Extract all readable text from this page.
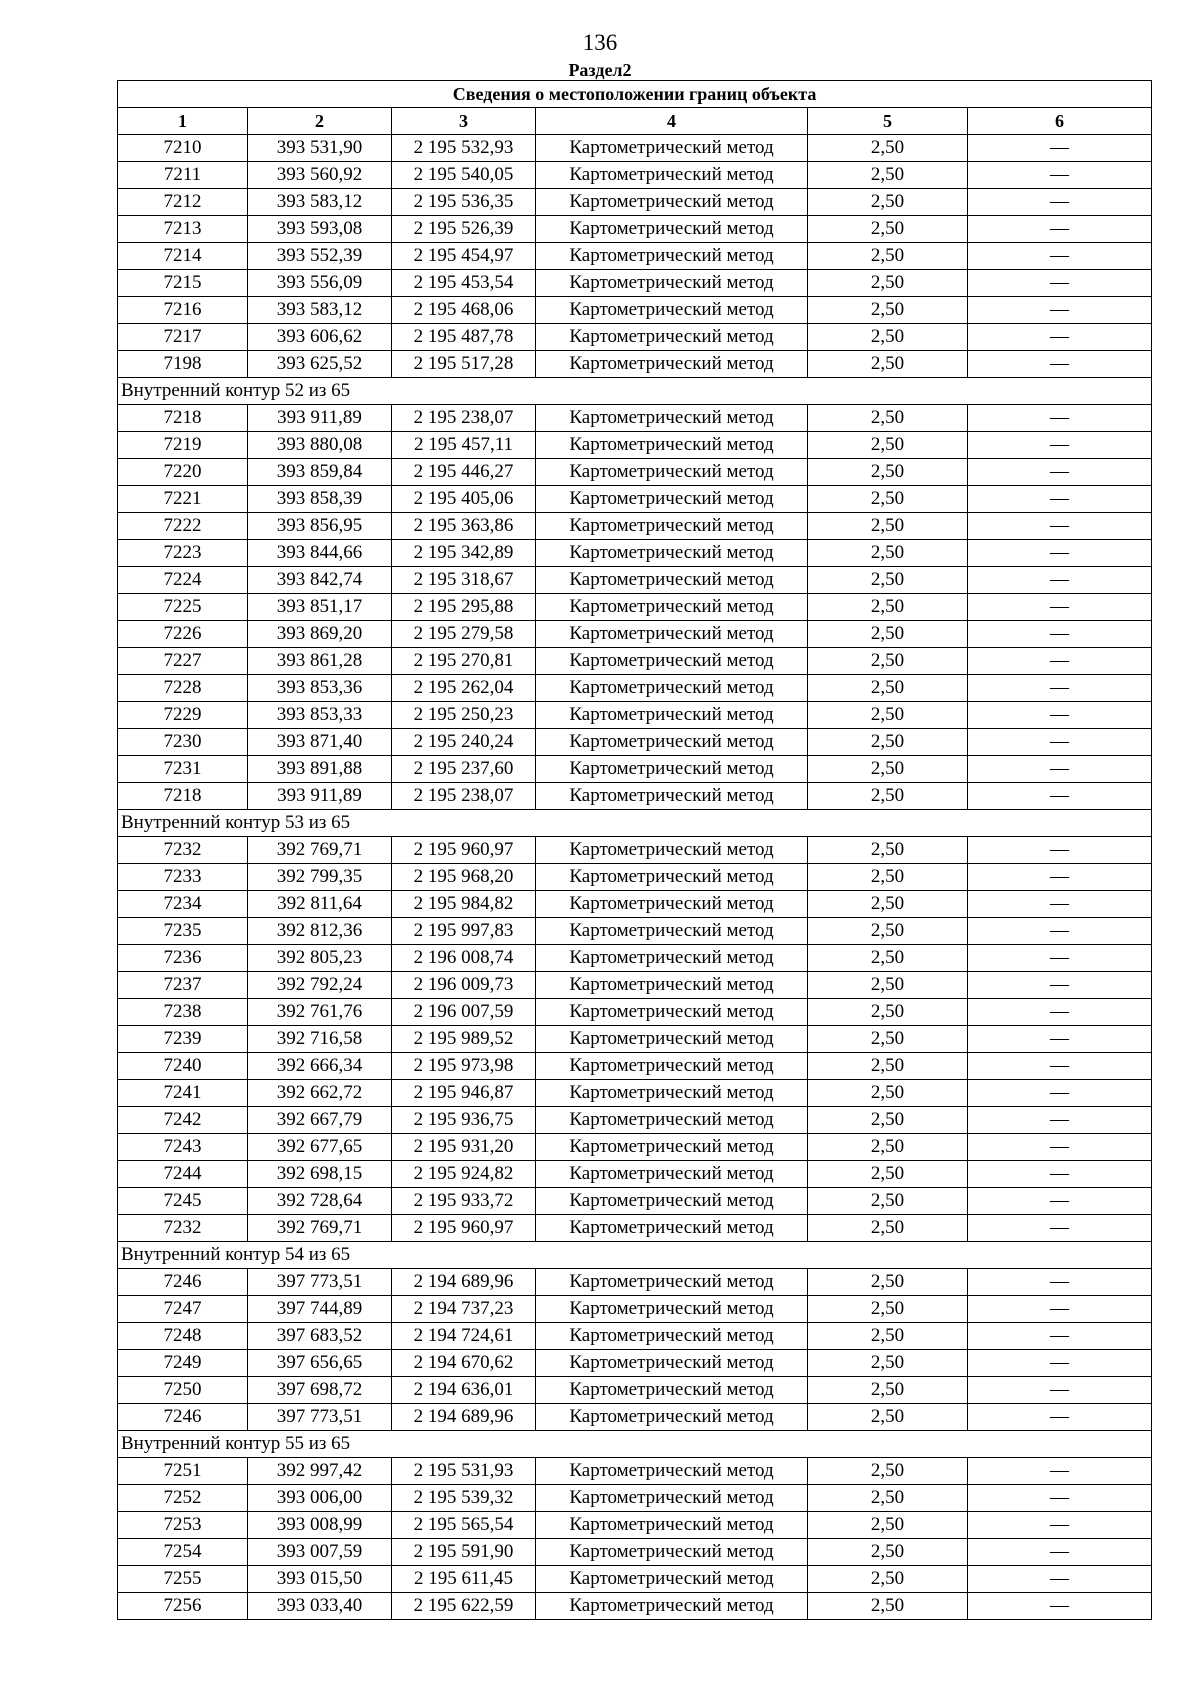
136
Раздел2
Сведения о местоположении границ объекта					
1	2	3	4	5	6
7210	393 531,90	2 195 532,93	Картометрический метод	2,50	—
7211	393 560,92	2 195 540,05	Картометрический метод	2,50	—
7212	393 583,12	2 195 536,35	Картометрический метод	2,50	—
7213	393 593,08	2 195 526,39	Картометрический метод	2,50	—
7214	393 552,39	2 195 454,97	Картометрический метод	2,50	—
7215	393 556,09	2 195 453,54	Картометрический метод	2,50	—
7216	393 583,12	2 195 468,06	Картометрический метод	2,50	—
7217	393 606,62	2 195 487,78	Картометрический метод	2,50	—
7198	393 625,52	2 195 517,28	Картометрический метод	2,50	—
Внутренний контур 52 из 65					
7218	393 911,89	2 195 238,07	Картометрический метод	2,50	—
7219	393 880,08	2 195 457,11	Картометрический метод	2,50	—
7220	393 859,84	2 195 446,27	Картометрический метод	2,50	—
7221	393 858,39	2 195 405,06	Картометрический метод	2,50	—
7222	393 856,95	2 195 363,86	Картометрический метод	2,50	—
7223	393 844,66	2 195 342,89	Картометрический метод	2,50	—
7224	393 842,74	2 195 318,67	Картометрический метод	2,50	—
7225	393 851,17	2 195 295,88	Картометрический метод	2,50	—
7226	393 869,20	2 195 279,58	Картометрический метод	2,50	—
7227	393 861,28	2 195 270,81	Картометрический метод	2,50	—
7228	393 853,36	2 195 262,04	Картометрический метод	2,50	—
7229	393 853,33	2 195 250,23	Картометрический метод	2,50	—
7230	393 871,40	2 195 240,24	Картометрический метод	2,50	—
7231	393 891,88	2 195 237,60	Картометрический метод	2,50	—
7218	393 911,89	2 195 238,07	Картометрический метод	2,50	—
Внутренний контур 53 из 65					
7232	392 769,71	2 195 960,97	Картометрический метод	2,50	—
7233	392 799,35	2 195 968,20	Картометрический метод	2,50	—
7234	392 811,64	2 195 984,82	Картометрический метод	2,50	—
7235	392 812,36	2 195 997,83	Картометрический метод	2,50	—
7236	392 805,23	2 196 008,74	Картометрический метод	2,50	—
7237	392 792,24	2 196 009,73	Картометрический метод	2,50	—
7238	392 761,76	2 196 007,59	Картометрический метод	2,50	—
7239	392 716,58	2 195 989,52	Картометрический метод	2,50	—
7240	392 666,34	2 195 973,98	Картометрический метод	2,50	—
7241	392 662,72	2 195 946,87	Картометрический метод	2,50	—
7242	392 667,79	2 195 936,75	Картометрический метод	2,50	—
7243	392 677,65	2 195 931,20	Картометрический метод	2,50	—
7244	392 698,15	2 195 924,82	Картометрический метод	2,50	—
7245	392 728,64	2 195 933,72	Картометрический метод	2,50	—
7232	392 769,71	2 195 960,97	Картометрический метод	2,50	—
Внутренний контур 54 из 65					
7246	397 773,51	2 194 689,96	Картометрический метод	2,50	—
7247	397 744,89	2 194 737,23	Картометрический метод	2,50	—
7248	397 683,52	2 194 724,61	Картометрический метод	2,50	—
7249	397 656,65	2 194 670,62	Картометрический метод	2,50	—
7250	397 698,72	2 194 636,01	Картометрический метод	2,50	—
7246	397 773,51	2 194 689,96	Картометрический метод	2,50	—
Внутренний контур 55 из 65					
7251	392 997,42	2 195 531,93	Картометрический метод	2,50	—
7252	393 006,00	2 195 539,32	Картометрический метод	2,50	—
7253	393 008,99	2 195 565,54	Картометрический метод	2,50	—
7254	393 007,59	2 195 591,90	Картометрический метод	2,50	—
7255	393 015,50	2 195 611,45	Картометрический метод	2,50	—
7256	393 033,40	2 195 622,59	Картометрический метод	2,50	—
